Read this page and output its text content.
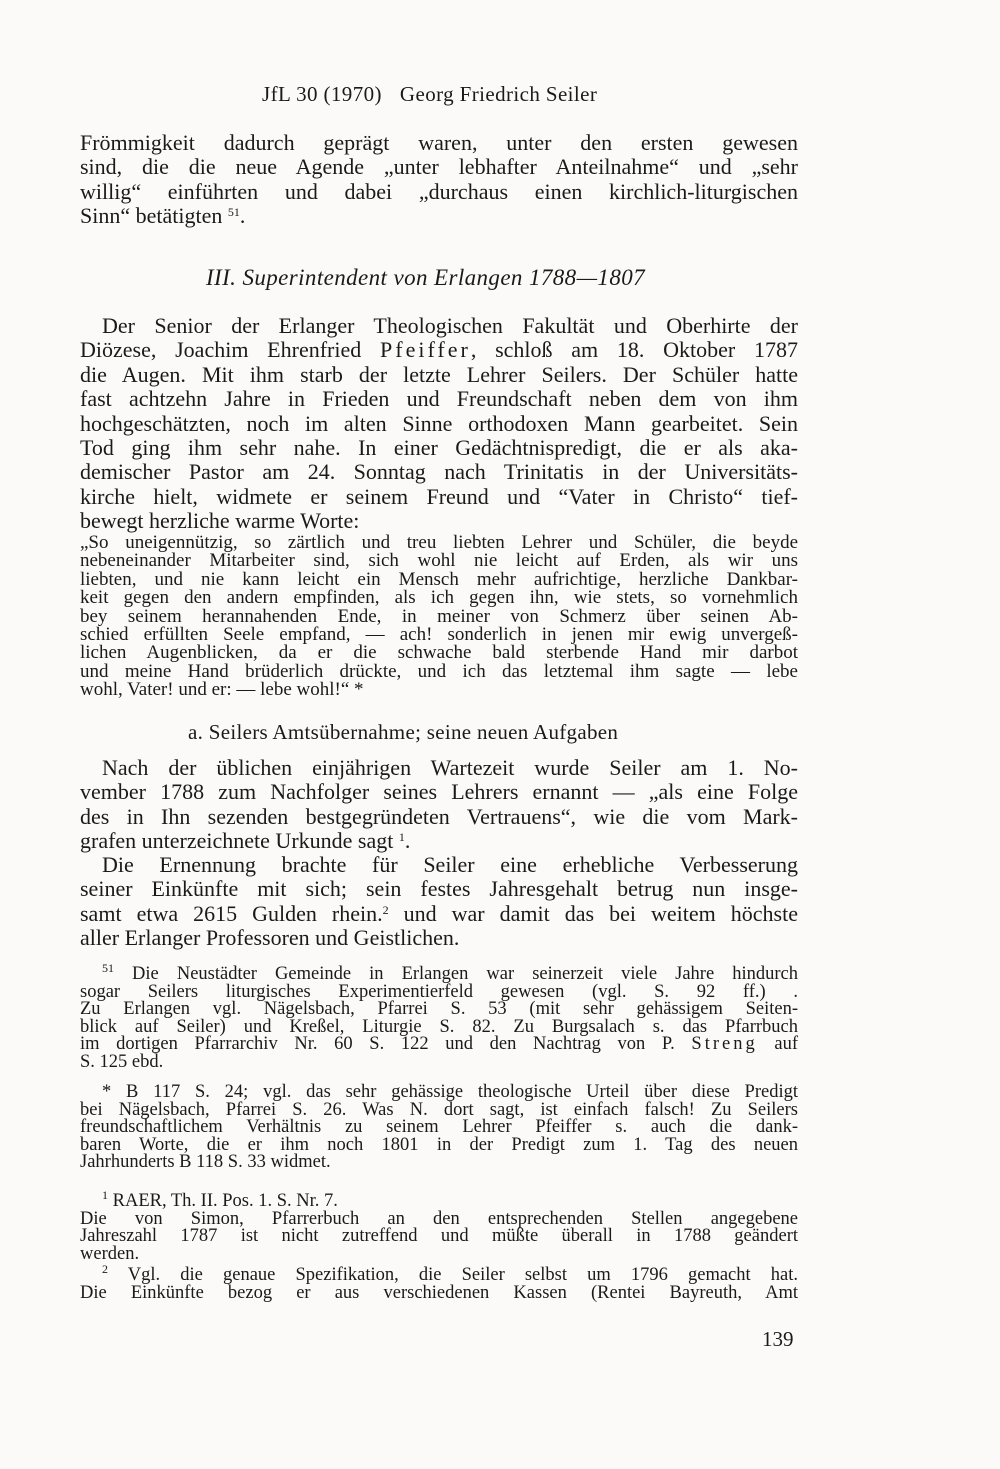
JfL 30 (1970) Georg Friedrich Seiler
Frömmigkeit dadurch geprägt waren, unter den ersten gewesen
sind, die die neue Agende „unter lebhafter Anteilnahme“ und „sehr
willig“ einführten und dabei „durchaus einen kirchlich-liturgischen
Sinn“ betätigten $^{51}$.
III. Superintendent von Erlangen 1788—1807
Der Senior der Erlanger Theologischen Fakultät und Oberhirte der
Diözese, Joachim Ehrenfried Pfeiffer, schloß am 18. Oktober 1787
die Augen. Mit ihm starb der letzte Lehrer Seilers. Der Schüler hatte
fast achtzehn Jahre in Frieden und Freundschaft neben dem von ihm
hochgeschätzten, noch im alten Sinne orthodoxen Mann gearbeitet. Sein
Tod ging ihm sehr nahe. In einer Gedächtnispredigt, die er als aka-
demischer Pastor am 24. Sonntag nach Trinitatis in der Universitäts-
kirche hielt, widmete er seinem Freund und “Vater in Christo“ tief-
bewegt herzliche warme Worte:
„So uneigennützig, so zärtlich und treu liebten Lehrer und Schüler, die beyde
nebeneinander Mitarbeiter sind, sich wohl nie leicht auf Erden, als wir uns
liebten, und nie kann leicht ein Mensch mehr aufrichtige, herzliche Dankbar-
keit gegen den andern empfinden, als ich gegen ihn, wie stets, so vornehmlich
bey seinem herannahenden Ende, in meiner von Schmerz über seinen Ab-
schied erfüllten Seele empfand, — ach! sonderlich in jenen mir ewig unvergeß-
lichen Augenblicken, da er die schwache bald sterbende Hand mir darbot
und meine Hand brüderlich drückte, und ich das letztemal ihm sagte — lebe
wohl, Vater! und er: — lebe wohl!“ *
a. Seilers Amtsübernahme; seine neuen Aufgaben
Nach der üblichen einjährigen Wartezeit wurde Seiler am 1. No-
vember 1788 zum Nachfolger seines Lehrers ernannt — „als eine Folge
des in Ihn sezenden bestgegründeten Vertrauens“, wie die vom Mark-
grafen unterzeichnete Urkunde sagt $^1$.
Die Ernennung brachte für Seiler eine erhebliche Verbesserung
seiner Einkünfte mit sich; sein festes Jahresgehalt betrug nun insge-
samt etwa 2615 Gulden rhein.$^2$ und war damit das bei weitem höchste
aller Erlanger Professoren und Geistlichen.
$^{51}$ Die Neustädter Gemeinde in Erlangen war seinerzeit viele Jahre hindurch
sogar Seilers liturgisches Experimentierfeld gewesen (vgl. S. 92 ff.) .
Zu Erlangen vgl. Nägelsbach, Pfarrei S. 53 (mit sehr gehässigem Seiten-
blick auf Seiler) und Kreßel, Liturgie S. 82. Zu Burgsalach s. das Pfarrbuch
im dortigen Pfarrarchiv Nr. 60 S. 122 und den Nachtrag von P. Streng auf
S. 125 ebd.
* B 117 S. 24; vgl. das sehr gehässige theologische Urteil über diese Predigt
bei Nägelsbach, Pfarrei S. 26. Was N. dort sagt, ist einfach falsch! Zu Seilers
freundschaftlichem Verhältnis zu seinem Lehrer Pfeiffer s. auch die dank-
baren Worte, die er ihm noch 1801 in der Predigt zum 1. Tag des neuen
Jahrhunderts B 118 S. 33 widmet.
$^1$ RAER, Th. II. Pos. 1. S. Nr. 7.
Die von Simon, Pfarrerbuch an den entsprechenden Stellen angegebene
Jahreszahl 1787 ist nicht zutreffend und müßte überall in 1788 geändert
werden.
$^2$ Vgl. die genaue Spezifikation, die Seiler selbst um 1796 gemacht hat.
Die Einkünfte bezog er aus verschiedenen Kassen (Rentei Bayreuth, Amt
139
